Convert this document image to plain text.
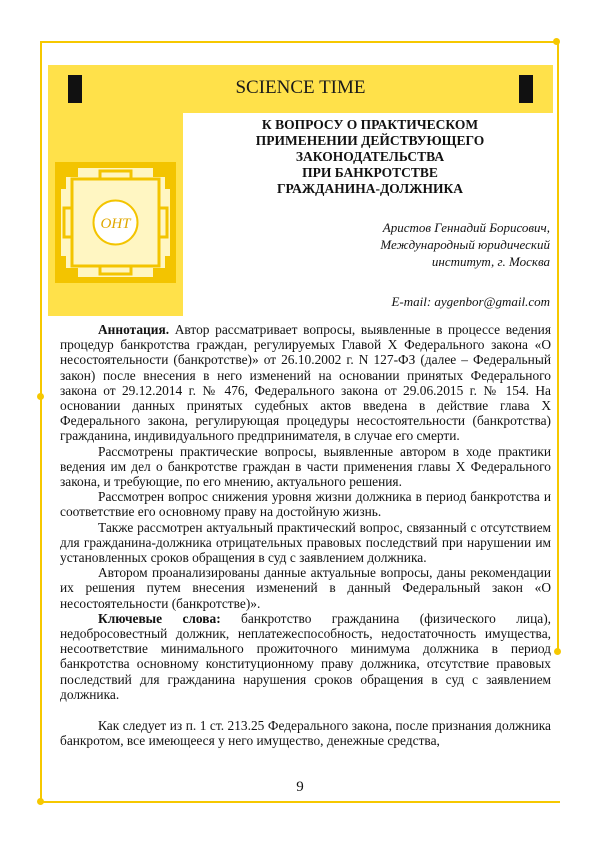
SCIENCE TIME
ОНТ
К ВОПРОСУ О ПРАКТИЧЕСКОМ
ПРИМЕНЕНИИ ДЕЙСТВУЮЩЕГО
ЗАКОНОДАТЕЛЬСТВА
ПРИ БАНКРОТСТВЕ
ГРАЖДАНИНА-ДОЛЖНИКА
Аристов Геннадий Борисович,
Международный юридический
институт, г. Москва
E-mail: aygenbor@gmail.com

Аннотация. Автор рассматривает вопросы, выявленные в процессе ведения процедур банкротства граждан, регулируемых Главой Х Федерального закона «О несостоятельности (банкротстве)» от 26.10.2002 г. N 127-ФЗ (далее – Федеральный закон) после внесения в него изменений на основании принятых Федерального закона от 29.12.2014 г. № 476, Федерального закона от 29.06.2015 г. № 154. На основании данных принятых судебных актов введена в действие глава Х Федерального закона, регулирующая процедуры несостоятельности (банкротства) гражданина, индивидуального предпринимателя, в случае его смерти.

Рассмотрены практические вопросы, выявленные автором в ходе практики ведения им дел о банкротстве граждан в части применения главы Х Федерального закона, и требующие, по его мнению, актуального решения.

Рассмотрен вопрос снижения уровня жизни должника в период банкротства и соответствие его основному праву на достойную жизнь.

Также рассмотрен актуальный практический вопрос, связанный с отсутствием для гражданина-должника отрицательных правовых последствий при нарушении им установленных сроков обращения в суд с заявлением должника.

Автором проанализированы данные актуальные вопросы, даны рекомендации их решения путем внесения изменений в данный Федеральный закон «О несостоятельности (банкротстве)».

Ключевые слова: банкротство гражданина (физического лица), недобросовестный должник, неплатежеспособность, недостаточность имущества, несоответствие минимального прожиточного минимума должника в период банкротства основному конституционному праву должника, отсутствие правовых последствий для гражданина нарушения сроков обращения в суд с заявлением должника.

Как следует из п. 1 ст. 213.25 Федерального закона, после признания должника банкротом, все имеющееся у него имущество, денежные средства,

9
